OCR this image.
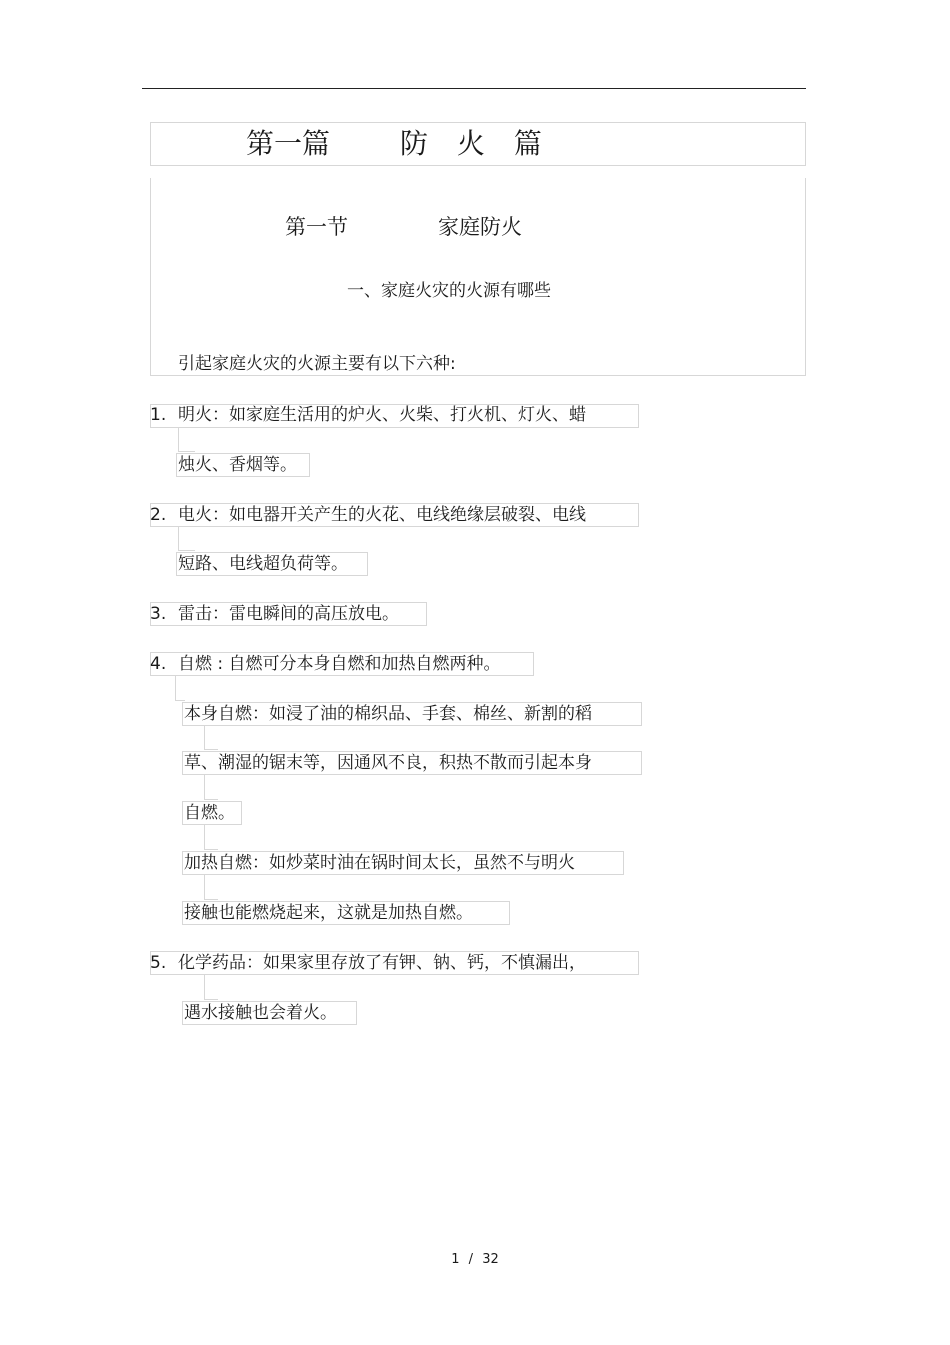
第一篇	防 火 篇
第一节	家庭防火
一、家庭火灾的火源有哪些
引起家庭火灾的火源主要有以下六种:
1. 明火：如家庭生活用的炉火、火柴、打火机、灯火、蜡
烛火、香烟等。
2. 电火：如电器开关产生的火花、电线绝缘层破裂、电线
短路、电线超负荷等。
3. 雷击：雷电瞬间的高压放电。
4. 自燃 : 自燃可分本身自燃和加热自燃两种。
本身自燃：如浸了油的棉织品、手套、棉丝、新割的稻
草、潮湿的锯末等，因通风不良，积热不散而引起本身
自燃。
加热自燃：如炒菜时油在锅时间太长，虽然不与明火
接触也能燃烧起来，这就是加热自燃。
5. 化学药品：如果家里存放了有钾、钠、钙，不慎漏出，
遇水接触也会着火。
1 / 32
